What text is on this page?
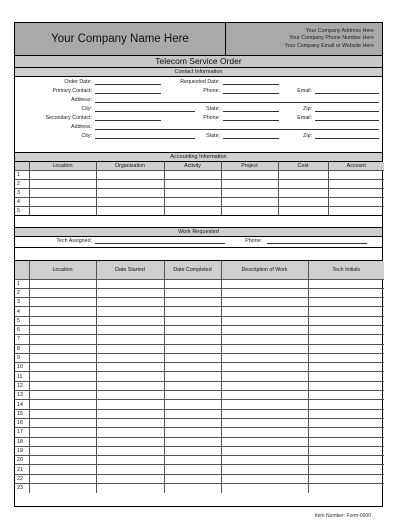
Your Company Name Here
Your Company Address Here
Your Company Phone Number Here
Your Company Email or Website Here
Telecom Service Order
Contact Information
Order Date:	Requested Date:
Primary Contact:	Phone:	Email:
Address:
City:	State:	Zip:
Secondary Contact:	Phone:	Email:
Address:
City:	State:	Zip:
Accounting Information
	Location	Organization	Activity	Project	Cost	Account
1						
2						
3						
4						
5						
Work Requested
Tech Assigned:	Phone:
	Location	Date Started	Date Completed	Description of Work	Tech Initials
1					
2					
3					
4					
5					
6					
7					
8					
9					
10					
11					
12					
13					
14					
15					
16					
17					
18					
19					
20					
21					
22					
23					
Item Number: Form-0000
